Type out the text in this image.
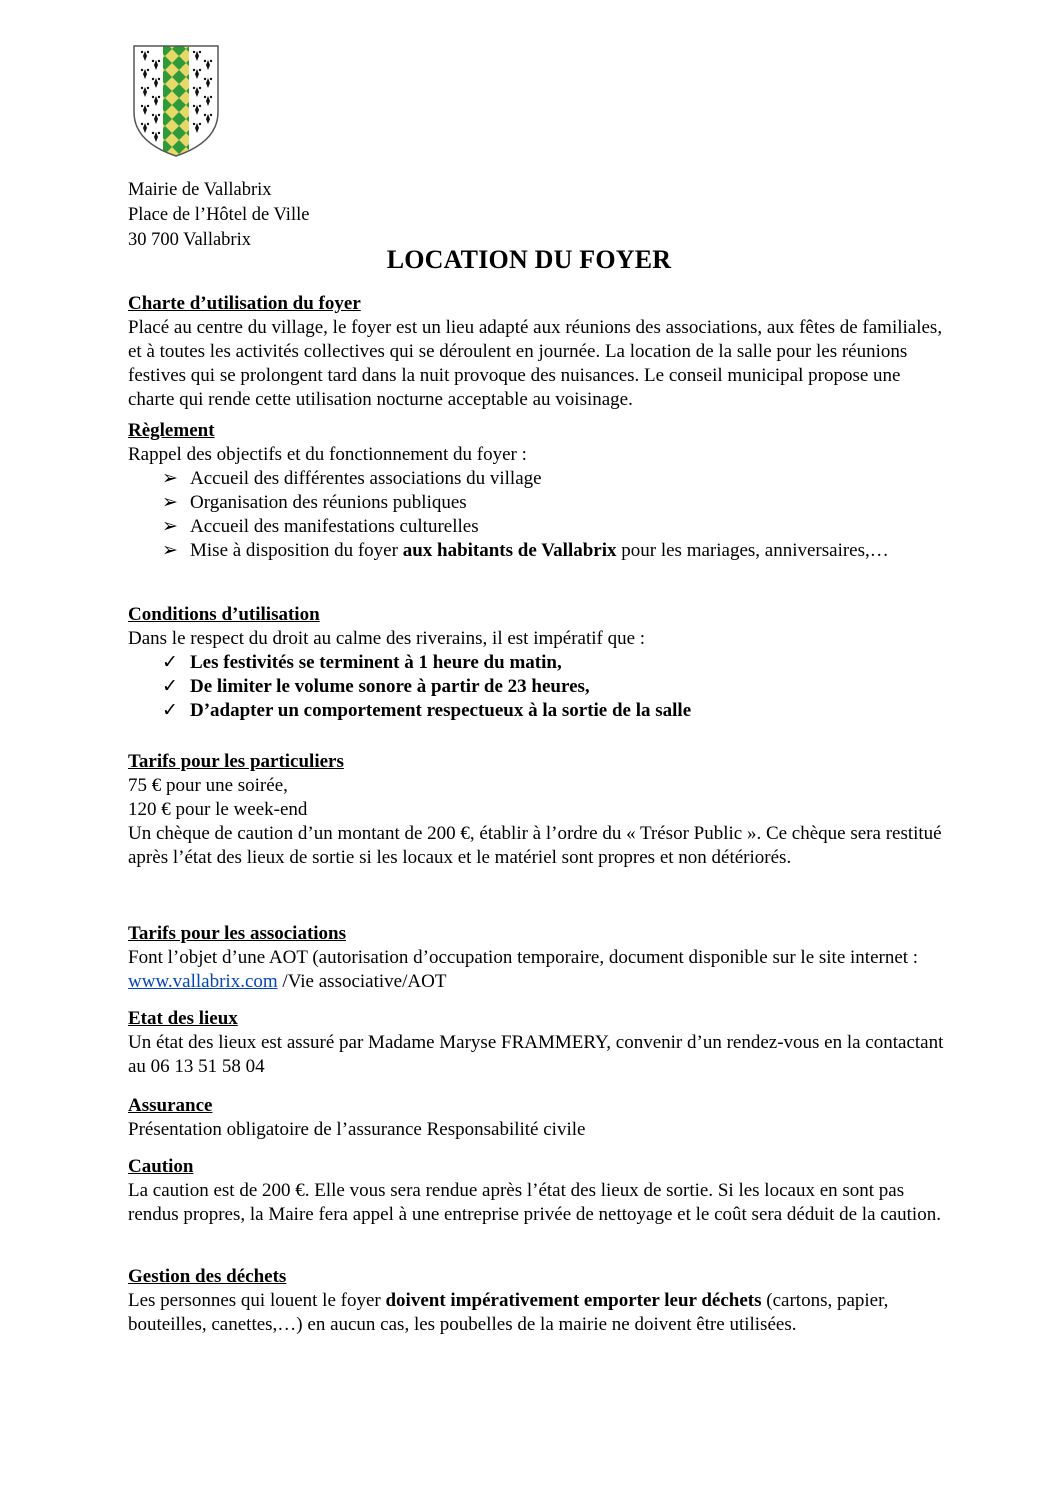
Mairie de Vallabrix
Place de l’Hôtel de Ville
30 700 Vallabrix
LOCATION DU FOYER
Charte d’utilisation du foyer

Placé au centre du village, le foyer est un lieu adapté aux réunions des associations, aux fêtes de familiales, et à toutes les activités collectives qui se déroulent en journée. La location de la salle pour les réunions festives qui se prolongent tard dans la nuit provoque des nuisances. Le conseil municipal propose une charte qui rende cette utilisation nocturne acceptable au voisinage.

Règlement

Rappel des objectifs et du fonctionnement du foyer :

➢ Accueil des différentes associations du village
➢ Organisation des réunions publiques
➢ Accueil des manifestations culturelles
➢ Mise à disposition du foyer aux habitants de Vallabrix pour les mariages, anniversaires,…
Conditions d’utilisation

Dans le respect du droit au calme des riverains, il est impératif que :

✓ Les festivités se terminent à 1 heure du matin,
✓ De limiter le volume sonore à partir de 23 heures,
✓ D’adapter un comportement respectueux à la sortie de la salle
Tarifs pour les particuliers

75 € pour une soirée,

120 € pour le week-end

Un chèque de caution d’un montant de 200 €, établir à l’ordre du « Trésor Public ». Ce chèque sera restitué après l’état des lieux de sortie si les locaux et le matériel sont propres et non détériorés.

Tarifs pour les associations

Font l’objet d’une AOT (autorisation d’occupation temporaire, document disponible sur le site internet : www.vallabrix.com /Vie associative/AOT

Etat des lieux

Un état des lieux est assuré par Madame Maryse FRAMMERY, convenir d’un rendez-vous en la contactant au 06 13 51 58 04

Assurance

Présentation obligatoire de l’assurance Responsabilité civile

Caution

La caution est de 200 €. Elle vous sera rendue après l’état des lieux de sortie. Si les locaux en sont pas rendus propres, la Maire fera appel à une entreprise privée de nettoyage et le coût sera déduit de la caution.

Gestion des déchets

Les personnes qui louent le foyer doivent impérativement emporter leur déchets (cartons, papier, bouteilles, canettes,…) en aucun cas, les poubelles de la mairie ne doivent être utilisées.
